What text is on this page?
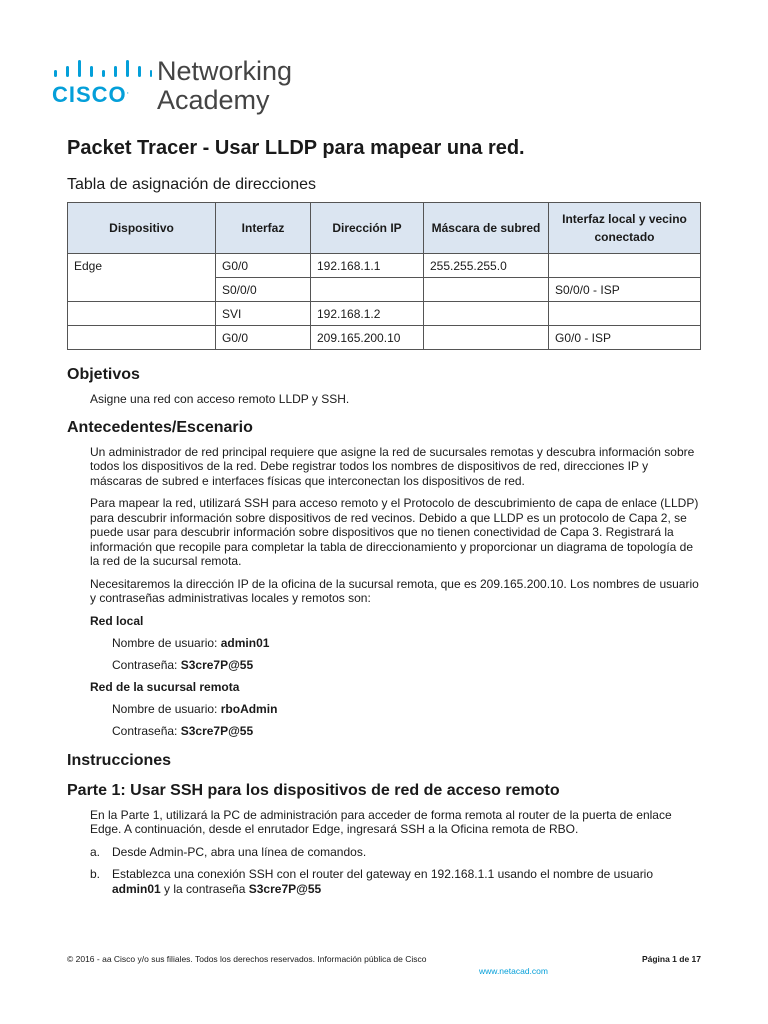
CISCO.
Networking
Academy
Packet Tracer - Usar LLDP para mapear una red.
Tabla de asignación de direcciones
Dispositivo	Interfaz	Dirección IP	Máscara de subred	Interfaz local y vecino conectado
Edge	G0/0	192.168.1.1	255.255.255.0	
	S0/0/0			S0/0/0 - ISP
	SVI	192.168.1.2		
	G0/0	209.165.200.10		G0/0 - ISP
Objetivos

Asigne una red con acceso remoto LLDP y SSH.

Antecedentes/Escenario

Un administrador de red principal requiere que asigne la red de sucursales remotas y descubra información sobre todos los dispositivos de la red. Debe registrar todos los nombres de dispositivos de red, direcciones IP y máscaras de subred e interfaces físicas que interconectan los dispositivos de red.

Para mapear la red, utilizará SSH para acceso remoto y el Protocolo de descubrimiento de capa de enlace (LLDP) para descubrir información sobre dispositivos de red vecinos. Debido a que LLDP es un protocolo de Capa 2, se puede usar para descubrir información sobre dispositivos que no tienen conectividad de Capa 3. Registrará la información que recopile para completar la tabla de direccionamiento y proporcionar un diagrama de topología de la red de la sucursal remota.

Necesitaremos la dirección IP de la oficina de la sucursal remota, que es 209.165.200.10. Los nombres de usuario y contraseñas administrativas locales y remotos son:

Red local
Nombre de usuario: admin01
Contraseña: S3cre7P@55
Red de la sucursal remota
Nombre de usuario: rboAdmin
Contraseña: S3cre7P@55
Instrucciones
Parte 1: Usar SSH para los dispositivos de red de acceso remoto

En la Parte 1, utilizará la PC de administración para acceder de forma remota al router de la puerta de enlace Edge. A continuación, desde el enrutador Edge, ingresará SSH a la Oficina remota de RBO.

a. Desde Admin-PC, abra una línea de comandos.
b. Establezca una conexión SSH con el router del gateway en 192.168.1.1 usando el nombre de usuario admin01 y la contraseña S3cre7P@55
© 2016 - aa Cisco y/o sus filiales. Todos los derechos reservados. Información pública de Cisco	Página 1 de 17
www.netacad.com
